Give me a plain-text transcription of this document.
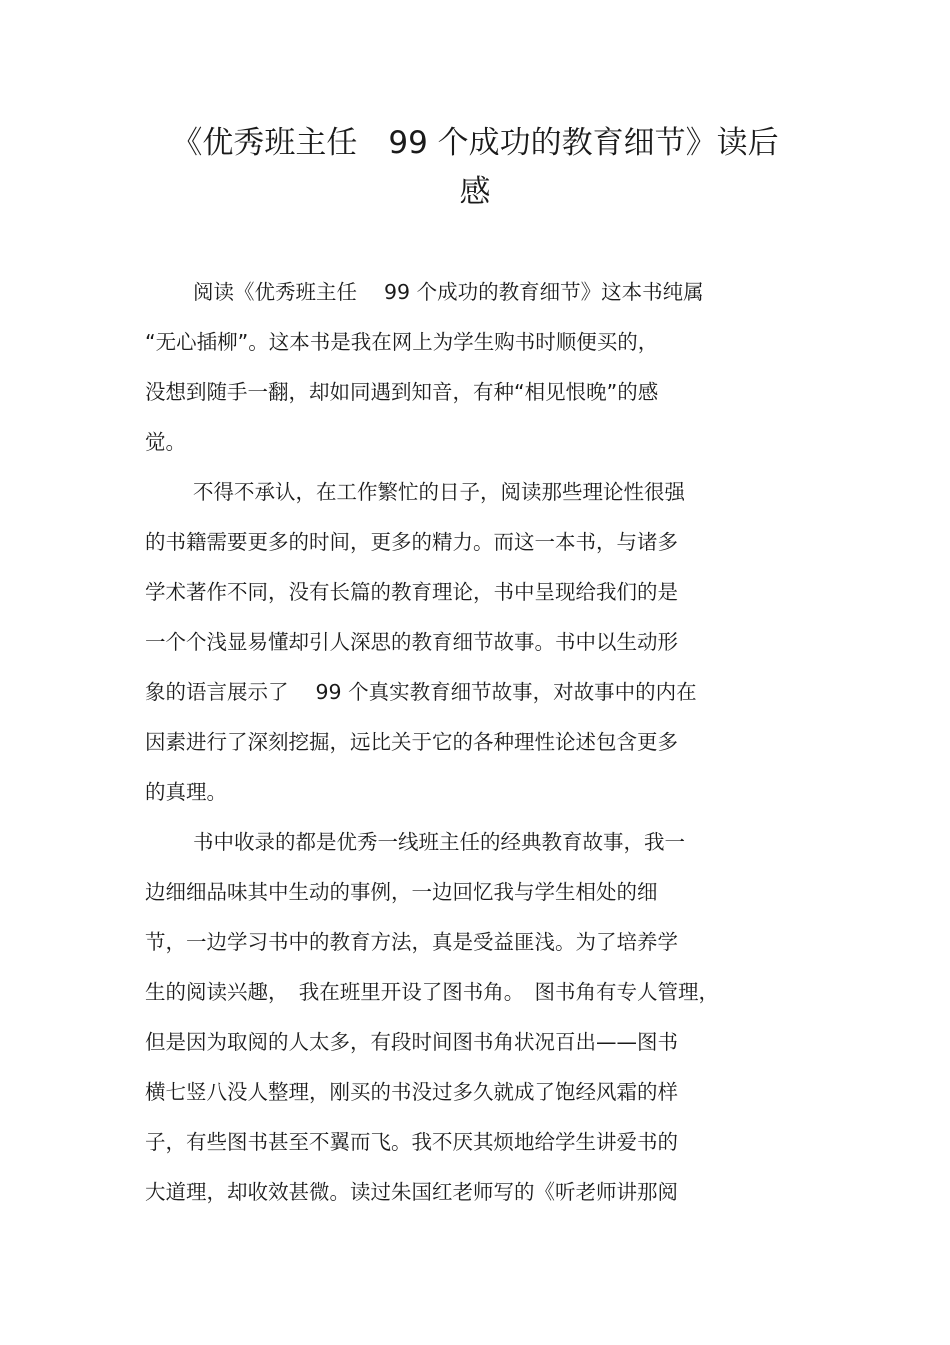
《优秀班主任　99 个成功的教育细节》读后
感

阅读《优秀班主任　 99 个成功的教育细节》这本书纯属

“无心插柳”。这本书是我在网上为学生购书时顺便买的，

没想到随手一翻，却如同遇到知音，有种“相见恨晚”的感

觉。

不得不承认，在工作繁忙的日子，阅读那些理论性很强

的书籍需要更多的时间，更多的精力。而这一本书，与诸多

学术著作不同，没有长篇的教育理论，书中呈现给我们的是

一个个浅显易懂却引人深思的教育细节故事。书中以生动形

象的语言展示了　 99 个真实教育细节故事，对故事中的内在

因素进行了深刻挖掘，远比关于它的各种理性论述包含更多

的真理。

书中收录的都是优秀一线班主任的经典教育故事，我一

边细细品味其中生动的事例，一边回忆我与学生相处的细

节，一边学习书中的教育方法，真是受益匪浅。为了培养学

生的阅读兴趣，　我在班里开设了图书角。　图书角有专人管理，

但是因为取阅的人太多，有段时间图书角状况百出——图书

横七竖八没人整理，刚买的书没过多久就成了饱经风霜的样

子，有些图书甚至不翼而飞。我不厌其烦地给学生讲爱书的

大道理，却收效甚微。读过朱国红老师写的《听老师讲那阅
